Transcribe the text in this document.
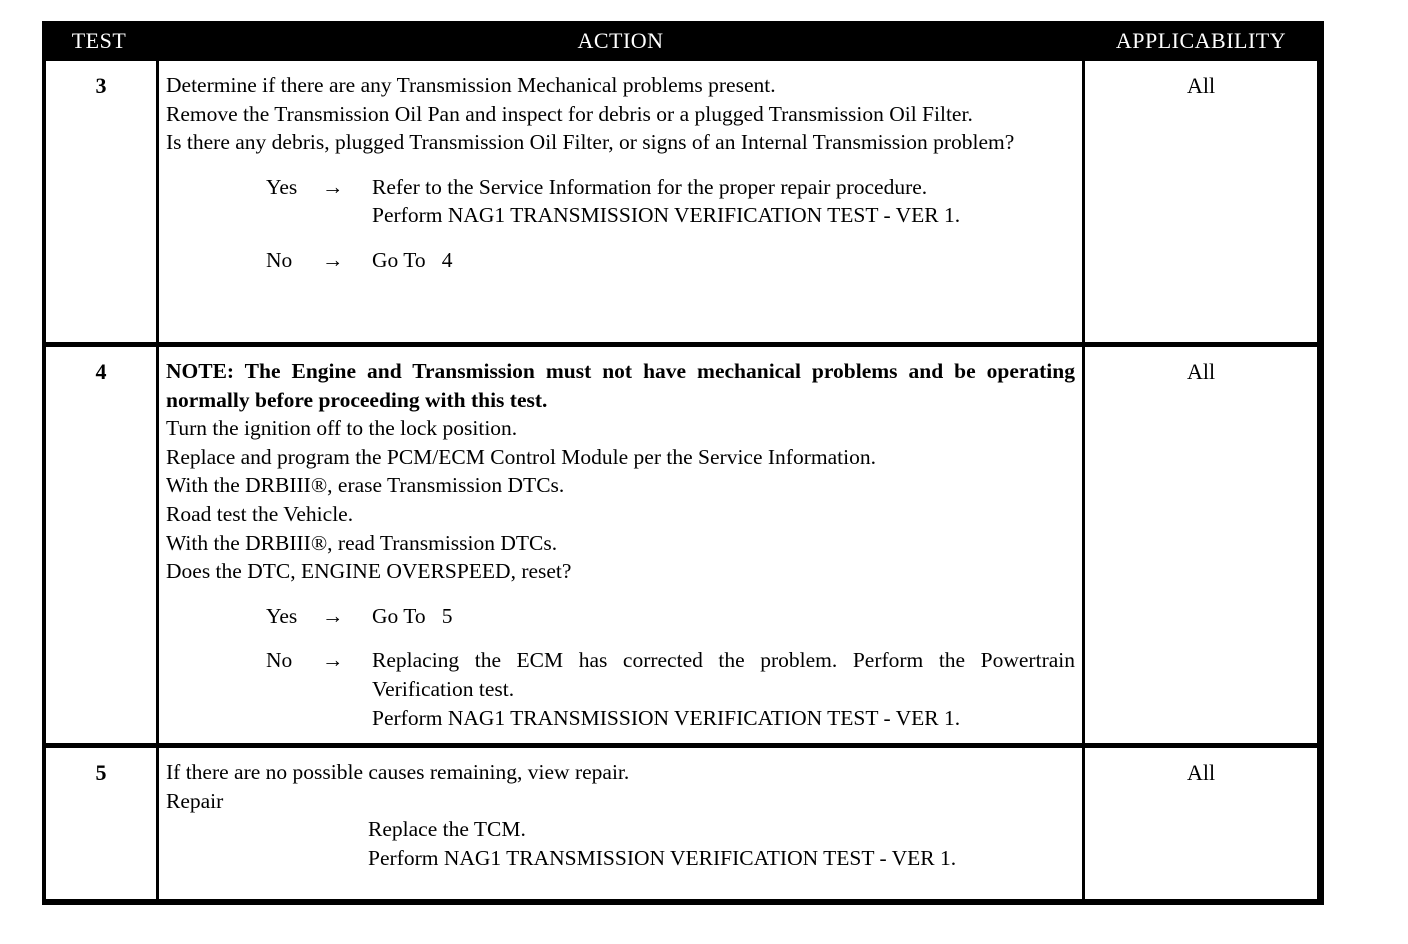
TEST	ACTION	APPLICABILITY
3	Determine if there are any Transmission Mechanical problems present.

Remove the Transmission Oil Pan and inspect for debris or a plugged Transmission Oil Filter.

Is there any debris, plugged Transmission Oil Filter, or signs of an Internal Transmission problem?

Yes → Refer to the Service Information for the proper repair procedure.

Perform NAG1 TRANSMISSION VERIFICATION TEST - VER 1.

No → Go To   4

All
4	NOTE: The Engine and Transmission must not have mechanical problems and be operating normally before proceeding with this test.

Turn the ignition off to the lock position.

Replace and program the PCM/ECM Control Module per the Service Information.

With the DRBIII®, erase Transmission DTCs.

Road test the Vehicle.

With the DRBIII®, read Transmission DTCs.

Does the DTC, ENGINE OVERSPEED, reset?

Yes → Go To   5

No → Replacing the ECM has corrected the problem. Perform the Powertrain Verification test.

Perform NAG1 TRANSMISSION VERIFICATION TEST - VER 1.

All
5	If there are no possible causes remaining, view repair.

Repair

Replace the TCM.

Perform NAG1 TRANSMISSION VERIFICATION TEST - VER 1.

All
